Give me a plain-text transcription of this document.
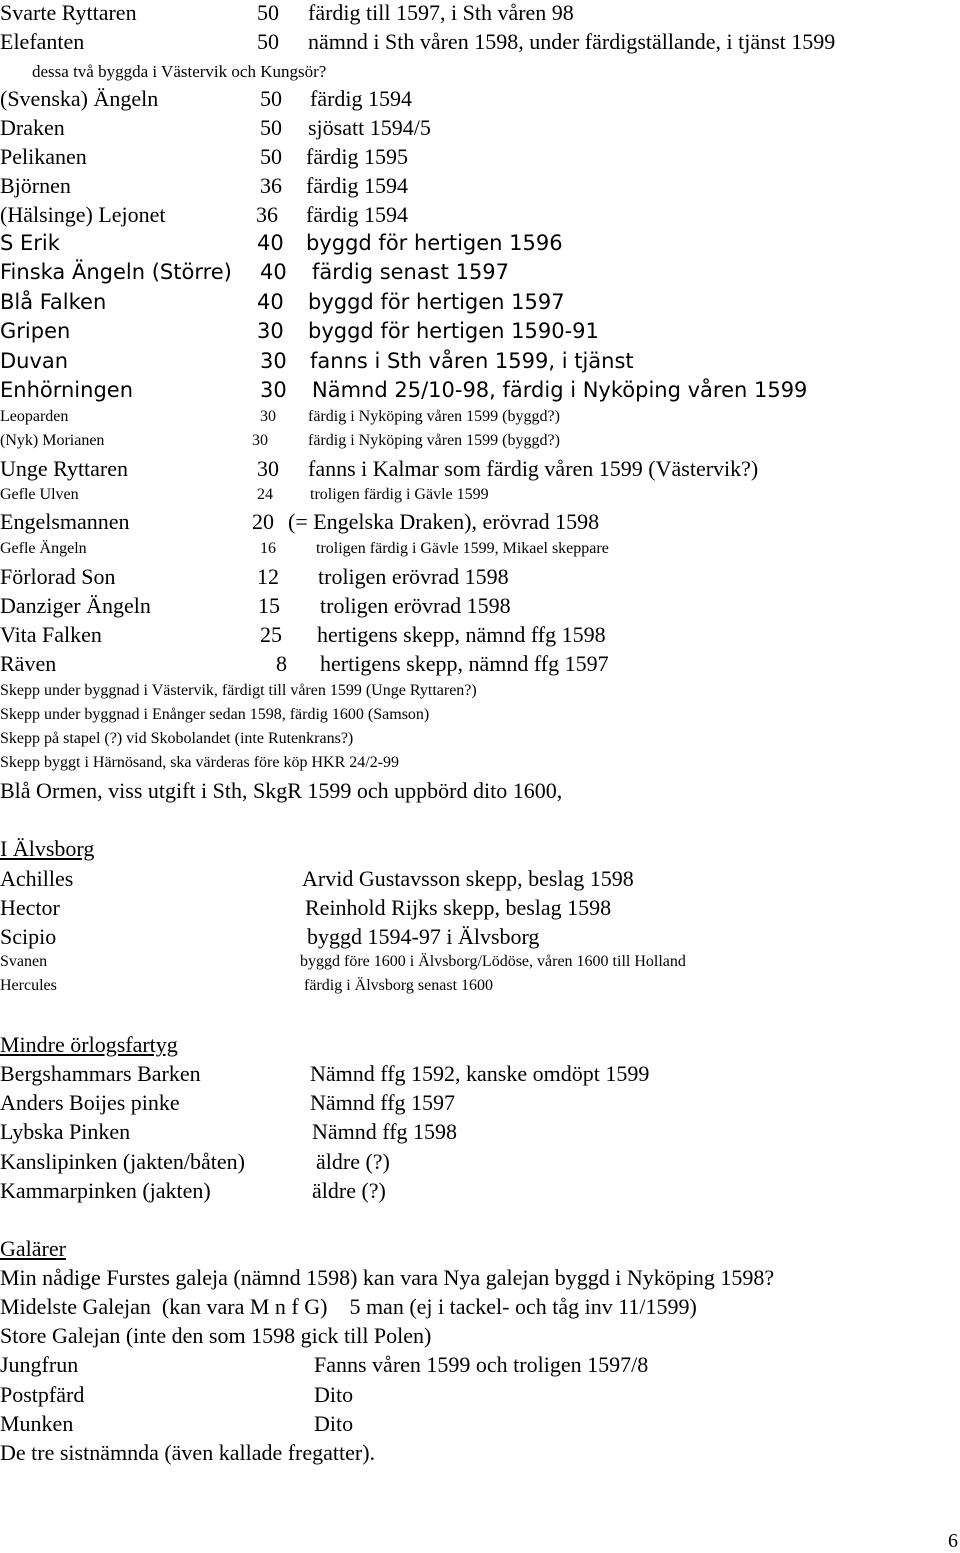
Svarte Ryttaren	50 färdig till 1597, i Sth våren 98
Elefanten	50 nämnd i Sth våren 1598, under färdigställande, i tjänst 1599
dessa två byggda i Västervik och Kungsör?
(Svenska) Ängeln	50 färdig 1594
Draken	50 sjösatt 1594/5
Pelikanen	50 färdig 1595
Björnen	36 färdig 1594
(Hälsinge) Lejonet	36 färdig 1594
S Erik	40 byggd för hertigen 1596
Finska Ängeln (Större) 40 färdig senast 1597
Blå Falken	40 byggd för hertigen 1597
Gripen	30 byggd för hertigen 1590-91
Duvan	30 fanns i Sth våren 1599, i tjänst
Enhörningen	30 Nämnd 25/10-98, färdig i Nyköping våren 1599
Leoparden	30 färdig i Nyköping våren 1599 (byggd?)
(Nyk) Morianen	30	färdig i Nyköping våren 1599 (byggd?)
Unge Ryttaren	30 fanns i Kalmar som färdig våren 1599 (Västervik?)
Gefle Ulven	24 troligen färdig i Gävle 1599
Engelsmannen	20 (= Engelska Draken), erövrad 1598
Gefle Ängeln	16	troligen färdig i Gävle 1599, Mikael skeppare
Förlorad Son	12 troligen erövrad 1598
Danziger Ängeln	15 troligen erövrad 1598
Vita Falken	25 hertigens skepp, nämnd ffg 1598
Räven	8 hertigens skepp, nämnd ffg 1597
Skepp under byggnad i Västervik, färdigt till våren 1599 (Unge Ryttaren?)
Skepp under byggnad i Enånger sedan 1598, färdig 1600 (Samson)
Skepp på stapel (?) vid Skobolandet (inte Rutenkrans?)
Skepp byggt i Härnösand, ska värderas före köp HKR 24/2-99
Blå Ormen, viss utgift i Sth, SkgR 1599 och uppbörd dito 1600,
I Älvsborg
Achilles	Arvid Gustavsson skepp, beslag 1598
Hector	Reinhold Rijks skepp, beslag 1598
Scipio	byggd 1594-97 i Älvsborg
Svanen	byggd före 1600 i Älvsborg/Lödöse, våren 1600 till Holland
Hercules	färdig i Älvsborg senast 1600
Mindre örlogsfartyg
Bergshammars Barken	Nämnd ffg 1592, kanske omdöpt 1599
Anders Boijes pinke	Nämnd ffg 1597
Lybska Pinken	Nämnd ffg 1598
Kanslipinken (jakten/båten)	äldre (?)
Kammarpinken (jakten)	äldre (?)
Galärer
Min nådige Furstes galeja (nämnd 1598) kan vara Nya galejan byggd i Nyköping 1598?
Midelste Galejan  (kan vara M n f G)    5 man (ej i tackel- och tåg inv 11/1599)
Store Galejan (inte den som 1598 gick till Polen)
Jungfrun	Fanns våren 1599 och troligen 1597/8
Postpfärd	Dito
Munken	Dito
De tre sistnämnda (även kallade fregatter).
6
